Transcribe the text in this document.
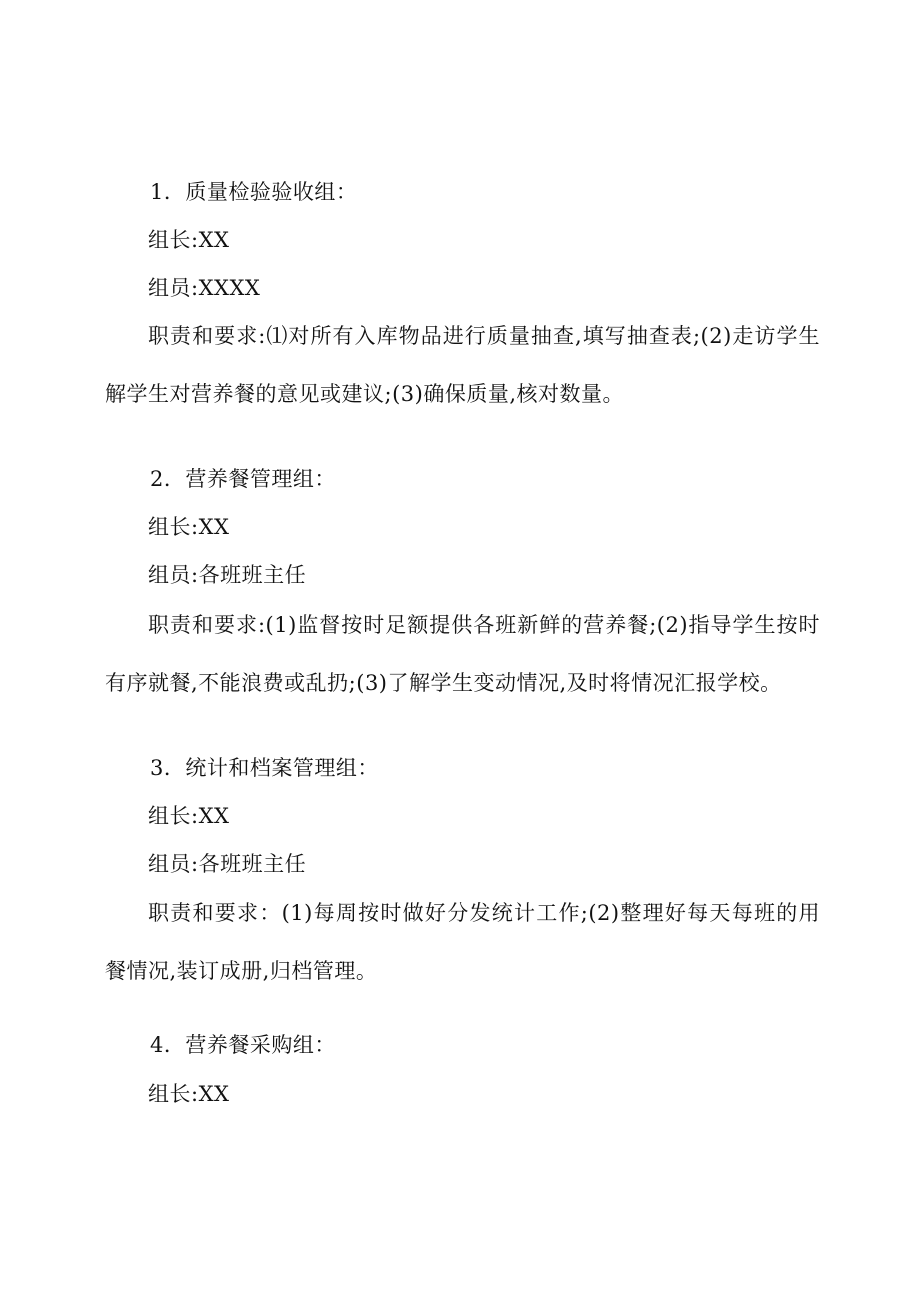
1．质量检验验收组：
组长:XX
组员:XXXX
职责和要求:⑴对所有入库物品进行质量抽查,填写抽查表;(2)走访学生解学生对营养餐的意见或建议;(3)确保质量,核对数量。
2．营养餐管理组：
组长:XX
组员:各班班主任
职责和要求:(1)监督按时足额提供各班新鲜的营养餐;(2)指导学生按时有序就餐,不能浪费或乱扔;(3)了解学生变动情况,及时将情况汇报学校。
3．统计和档案管理组：
组长:XX
组员:各班班主任
职责和要求：(1)每周按时做好分发统计工作;(2)整理好每天每班的用餐情况,装订成册,归档管理。
4．营养餐采购组：
组长:XX
